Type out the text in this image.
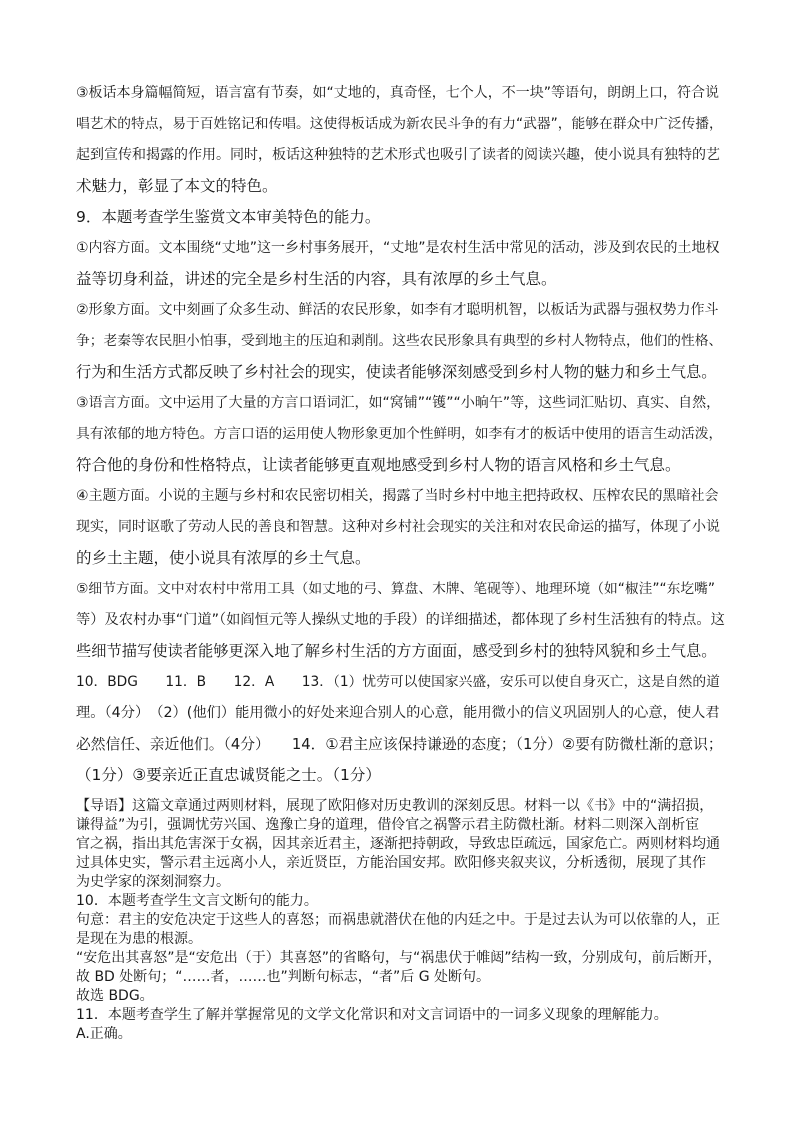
③板话本身篇幅简短，语言富有节奏，如“丈地的，真奇怪，七个人，不一块”等语句，朗朗上口，符合说

唱艺术的特点，易于百姓铭记和传唱。这使得板话成为新农民斗争的有力“武器”，能够在群众中广泛传播，

起到宣传和揭露的作用。同时，板话这种独特的艺术形式也吸引了读者的阅读兴趣，使小说具有独特的艺

术魅力，彰显了本文的特色。

9．本题考查学生鉴赏文本审美特色的能力。

①内容方面。文本围绕“丈地”这一乡村事务展开，“丈地”是农村生活中常见的活动，涉及到农民的土地权

益等切身利益，讲述的完全是乡村生活的内容，具有浓厚的乡土气息。

②形象方面。文中刻画了众多生动、鲜活的农民形象，如李有才聪明机智，以板话为武器与强权势力作斗

争；老秦等农民胆小怕事，受到地主的压迫和剥削。这些农民形象具有典型的乡村人物特点，他们的性格、

行为和生活方式都反映了乡村社会的现实，使读者能够深刻感受到乡村人物的魅力和乡土气息。

③语言方面。文中运用了大量的方言口语词汇，如“窝铺”“镬”“小晌午”等，这些词汇贴切、真实、自然，

具有浓郁的地方特色。方言口语的运用使人物形象更加个性鲜明，如李有才的板话中使用的语言生动活泼，

符合他的身份和性格特点，让读者能够更直观地感受到乡村人物的语言风格和乡土气息。

④主题方面。小说的主题与乡村和农民密切相关，揭露了当时乡村中地主把持政权、压榨农民的黑暗社会

现实，同时讴歌了劳动人民的善良和智慧。这种对乡村社会现实的关注和对农民命运的描写，体现了小说

的乡土主题，使小说具有浓厚的乡土气息。

⑤细节方面。文中对农村中常用工具（如丈地的弓、算盘、木牌、笔砚等）、地理环境（如“椒洼”“东圪嘴”

等）及农村办事“门道”（如阎恒元等人操纵丈地的手段）的详细描述，都体现了乡村生活独有的特点。这

些细节描写使读者能够更深入地了解乡村生活的方方面面，感受到乡村的独特风貌和乡土气息。

10．BDG　　11．B　　12．A　　13．（1）忧劳可以使国家兴盛，安乐可以使自身灭亡，这是自然的道

理。（4分）　（2）(他们）能用微小的好处来迎合别人的心意，能用微小的信义巩固别人的心意，使人君

必然信任、亲近他们。（4分）　　14．①君主应该保持谦逊的态度；（1分）②要有防微杜渐的意识；

（1分）③要亲近正直忠诚贤能之士。（1分）

【导语】这篇文章通过两则材料，展现了欧阳修对历史教训的深刻反思。材料一以《书》中的“满招损，

谦得益”为引，强调忧劳兴国、逸豫亡身的道理，借伶官之祸警示君主防微杜渐。材料二则深入剖析宦

官之祸，指出其危害深于女祸，因其亲近君主，逐渐把持朝政，导致忠臣疏远，国家危亡。两则材料均通

过具体史实，警示君主远离小人，亲近贤臣，方能治国安邦。欧阳修夹叙夹议，分析透彻，展现了其作

为史学家的深刻洞察力。

10．本题考查学生文言文断句的能力。

句意：君主的安危决定于这些人的喜怒；而祸患就潜伏在他的内廷之中。于是过去认为可以依靠的人，正

是现在为患的根源。

“安危出其喜怒”是“安危出（于）其喜怒”的省略句，与“祸患伏于帷闼”结构一致，分别成句，前后断开，

故 BD 处断句；“……者，……也”判断句标志，“者”后 G 处断句。

故选 BDG。

11．本题考查学生了解并掌握常见的文学文化常识和对文言词语中的一词多义现象的理解能力。

A.正确。
